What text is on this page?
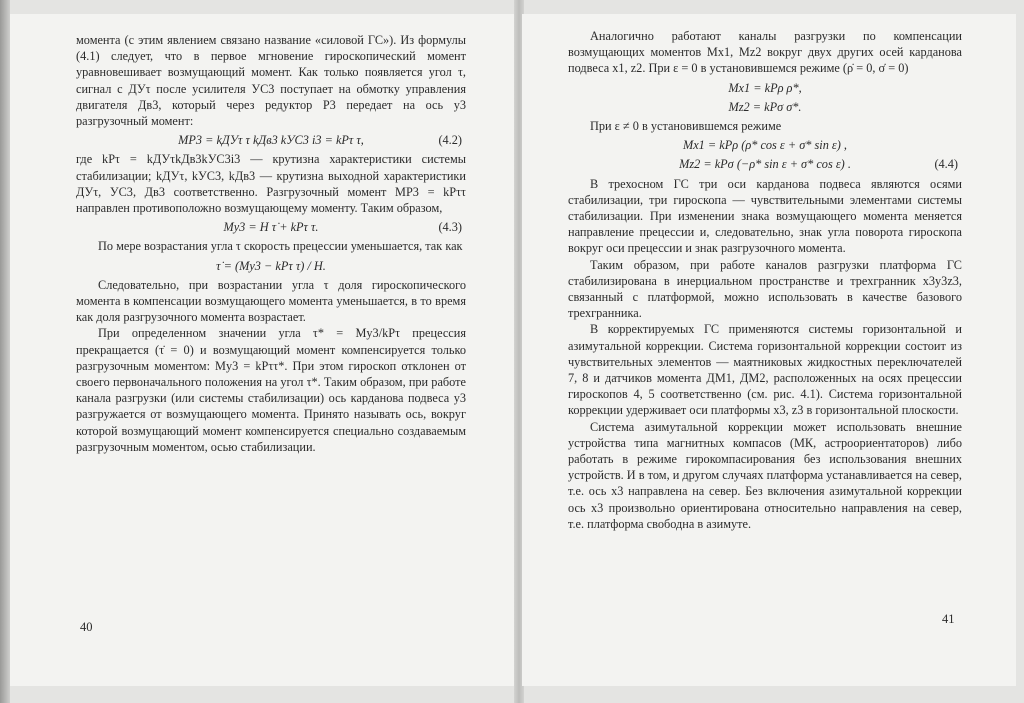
момента (с этим явлением связано название «силовой ГС»). Из формулы (4.1) следует, что в первое мгновение гироскопический момент уравновешивает возмущающий момент. Как только появляется угол τ, сигнал с ДУτ после усилителя УС3 поступает на обмотку управления двигателя Дв3, который через редуктор Р3 передает на ось y3 разгрузочный момент:

MР3 = kДУτ τ kДв3 kУС3 i3 = kPτ τ,	(4.2)

где kPτ = kДУτkДв3kУС3i3 — крутизна характеристики системы стабилизации; kДУτ, kУС3, kДв3 — крутизна выходной характеристики ДУτ, УС3, Дв3 соответственно. Разгрузочный момент MР3 = kPττ направлен противоположно возмущающему моменту. Таким образом,

My3 = H τ̇ + kPτ τ.	(4.3)

По мере возрастания угла τ скорость прецессии уменьшается, так как

τ̇ = (My3 − kPτ τ) / H.

Следовательно, при возрастании угла τ доля гироскопического момента в компенсации возмущающего момента уменьшается, в то время как доля разгрузочного момента возрастает.

При определенном значении угла τ* = My3/kPτ прецессия прекращается (τ̇ = 0) и возмущающий момент компенсируется только разгрузочным моментом: My3 = kPττ*. При этом гироскоп отклонен от своего первоначального положения на угол τ*. Таким образом, при работе канала разгрузки (или системы стабилизации) ось карданова подвеса y3 разгружается от возмущающего момента. Принято называть ось, вокруг которой возмущающий момент компенсируется специально создаваемым разгрузочным моментом, осью стабилизации.

40

Аналогично работают каналы разгрузки по компенсации возмущающих моментов Mx1, Mz2 вокруг двух других осей карданова подвеса x1, z2. При ε = 0 в установившемся режиме (ρ̇ = 0, σ̇ = 0)

Mx1 = kPρ ρ*,
Mz2 = kPσ σ*.

При ε ≠ 0 в установившемся режиме

Mx1 = kPρ (ρ* cos ε + σ* sin ε) ,
Mz2 = kPσ (−ρ* sin ε + σ* cos ε) .	(4.4)

В трехосном ГС три оси карданова подвеса являются осями стабилизации, три гироскопа — чувствительными элементами системы стабилизации. При изменении знака возмущающего момента меняется направление прецессии и, следовательно, знак угла поворота гироскопа вокруг оси прецессии и знак разгрузочного момента.

Таким образом, при работе каналов разгрузки платформа ГС стабилизирована в инерциальном пространстве и трехгранник x3y3z3, связанный с платформой, можно использовать в качестве базового трехгранника.

В корректируемых ГС применяются системы горизонтальной и азимутальной коррекции. Система горизонтальной коррекции состоит из чувствительных элементов — маятниковых жидкостных переключателей 7, 8 и датчиков момента ДМ1, ДМ2, расположенных на осях прецессии гироскопов 4, 5 соответственно (см. рис. 4.1). Система горизонтальной коррекции удерживает оси платформы x3, z3 в горизонтальной плоскости.

Система азимутальной коррекции может использовать внешние устройства типа магнитных компасов (МК, астроориентаторов) либо работать в режиме гирокомпасирования без использования внешних устройств. И в том, и другом случаях платформа устанавливается на север, т.е. ось x3 направлена на север. Без включения азимутальной коррекции ось x3 произвольно ориентирована относительно направления на север, т.е. платформа свободна в азимуте.

41
